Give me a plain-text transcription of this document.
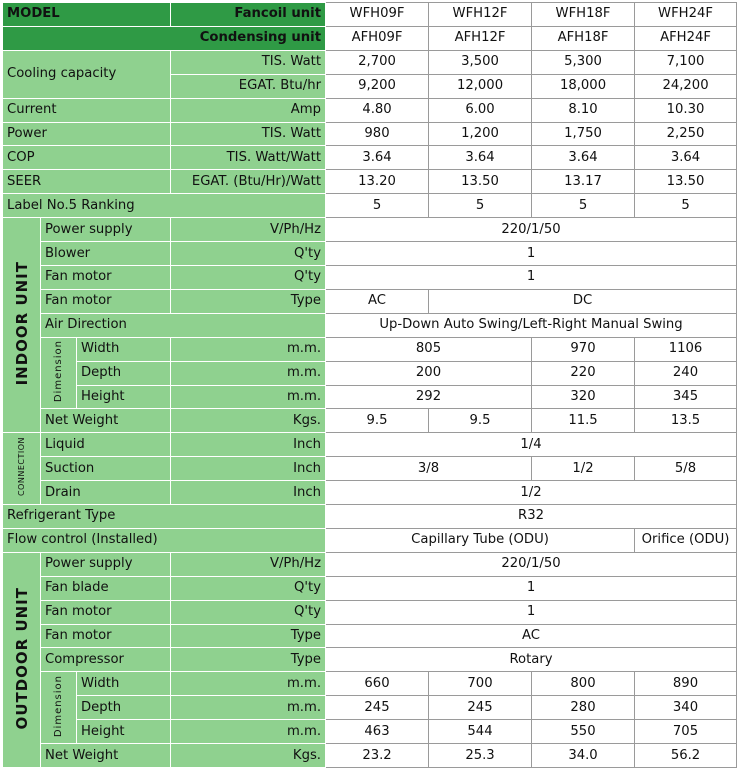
MODEL			Fancoil unit	WFH09F	WFH12F	WFH18F	WFH24F
Condensing unit				AFH09F	AFH12F	AFH18F	AFH24F
Cooling capacity			TIS. Watt	2,700	3,500	5,300	7,100
			EGAT. Btu/hr	9,200	12,000	18,000	24,200
Current			Amp	4.80	6.00	8.10	10.30
Power			TIS. Watt	980	1,200	1,750	2,250
COP			TIS. Watt/Watt	3.64	3.64	3.64	3.64
SEER			EGAT. (Btu/Hr)/Watt	13.20	13.50	13.17	13.50
Label No.5 Ranking				5	5	5	5
INDOOR UNIT	Power supply		V/Ph/Hz	220/1/50			
	Blower		Q'ty	1			
	Fan motor		Q'ty	1			
	Fan motor		Type	AC	DC		
	Air Direction			Up-Down Auto Swing/Left-Right Manual Swing			
	Dimension	Width	m.m.	805		970	1106
		Depth	m.m.	200		220	240
		Height	m.m.	292		320	345
	Net Weight		Kgs.	9.5	9.5	11.5	13.5
CONNECTION	Liquid		Inch	1/4			
	Suction		Inch	3/8		1/2	5/8
	Drain		Inch	1/2			
Refrigerant Type				R32			
Flow control (Installed)				Capillary Tube (ODU)			Orifice (ODU)
OUTDOOR UNIT	Power supply		V/Ph/Hz	220/1/50			
	Fan blade		Q'ty	1			
	Fan motor		Q'ty	1			
	Fan motor		Type	AC			
	Compressor		Type	Rotary			
	Dimension	Width	m.m.	660	700	800	890
		Depth	m.m.	245	245	280	340
		Height	m.m.	463	544	550	705
	Net Weight		Kgs.	23.2	25.3	34.0	56.2
